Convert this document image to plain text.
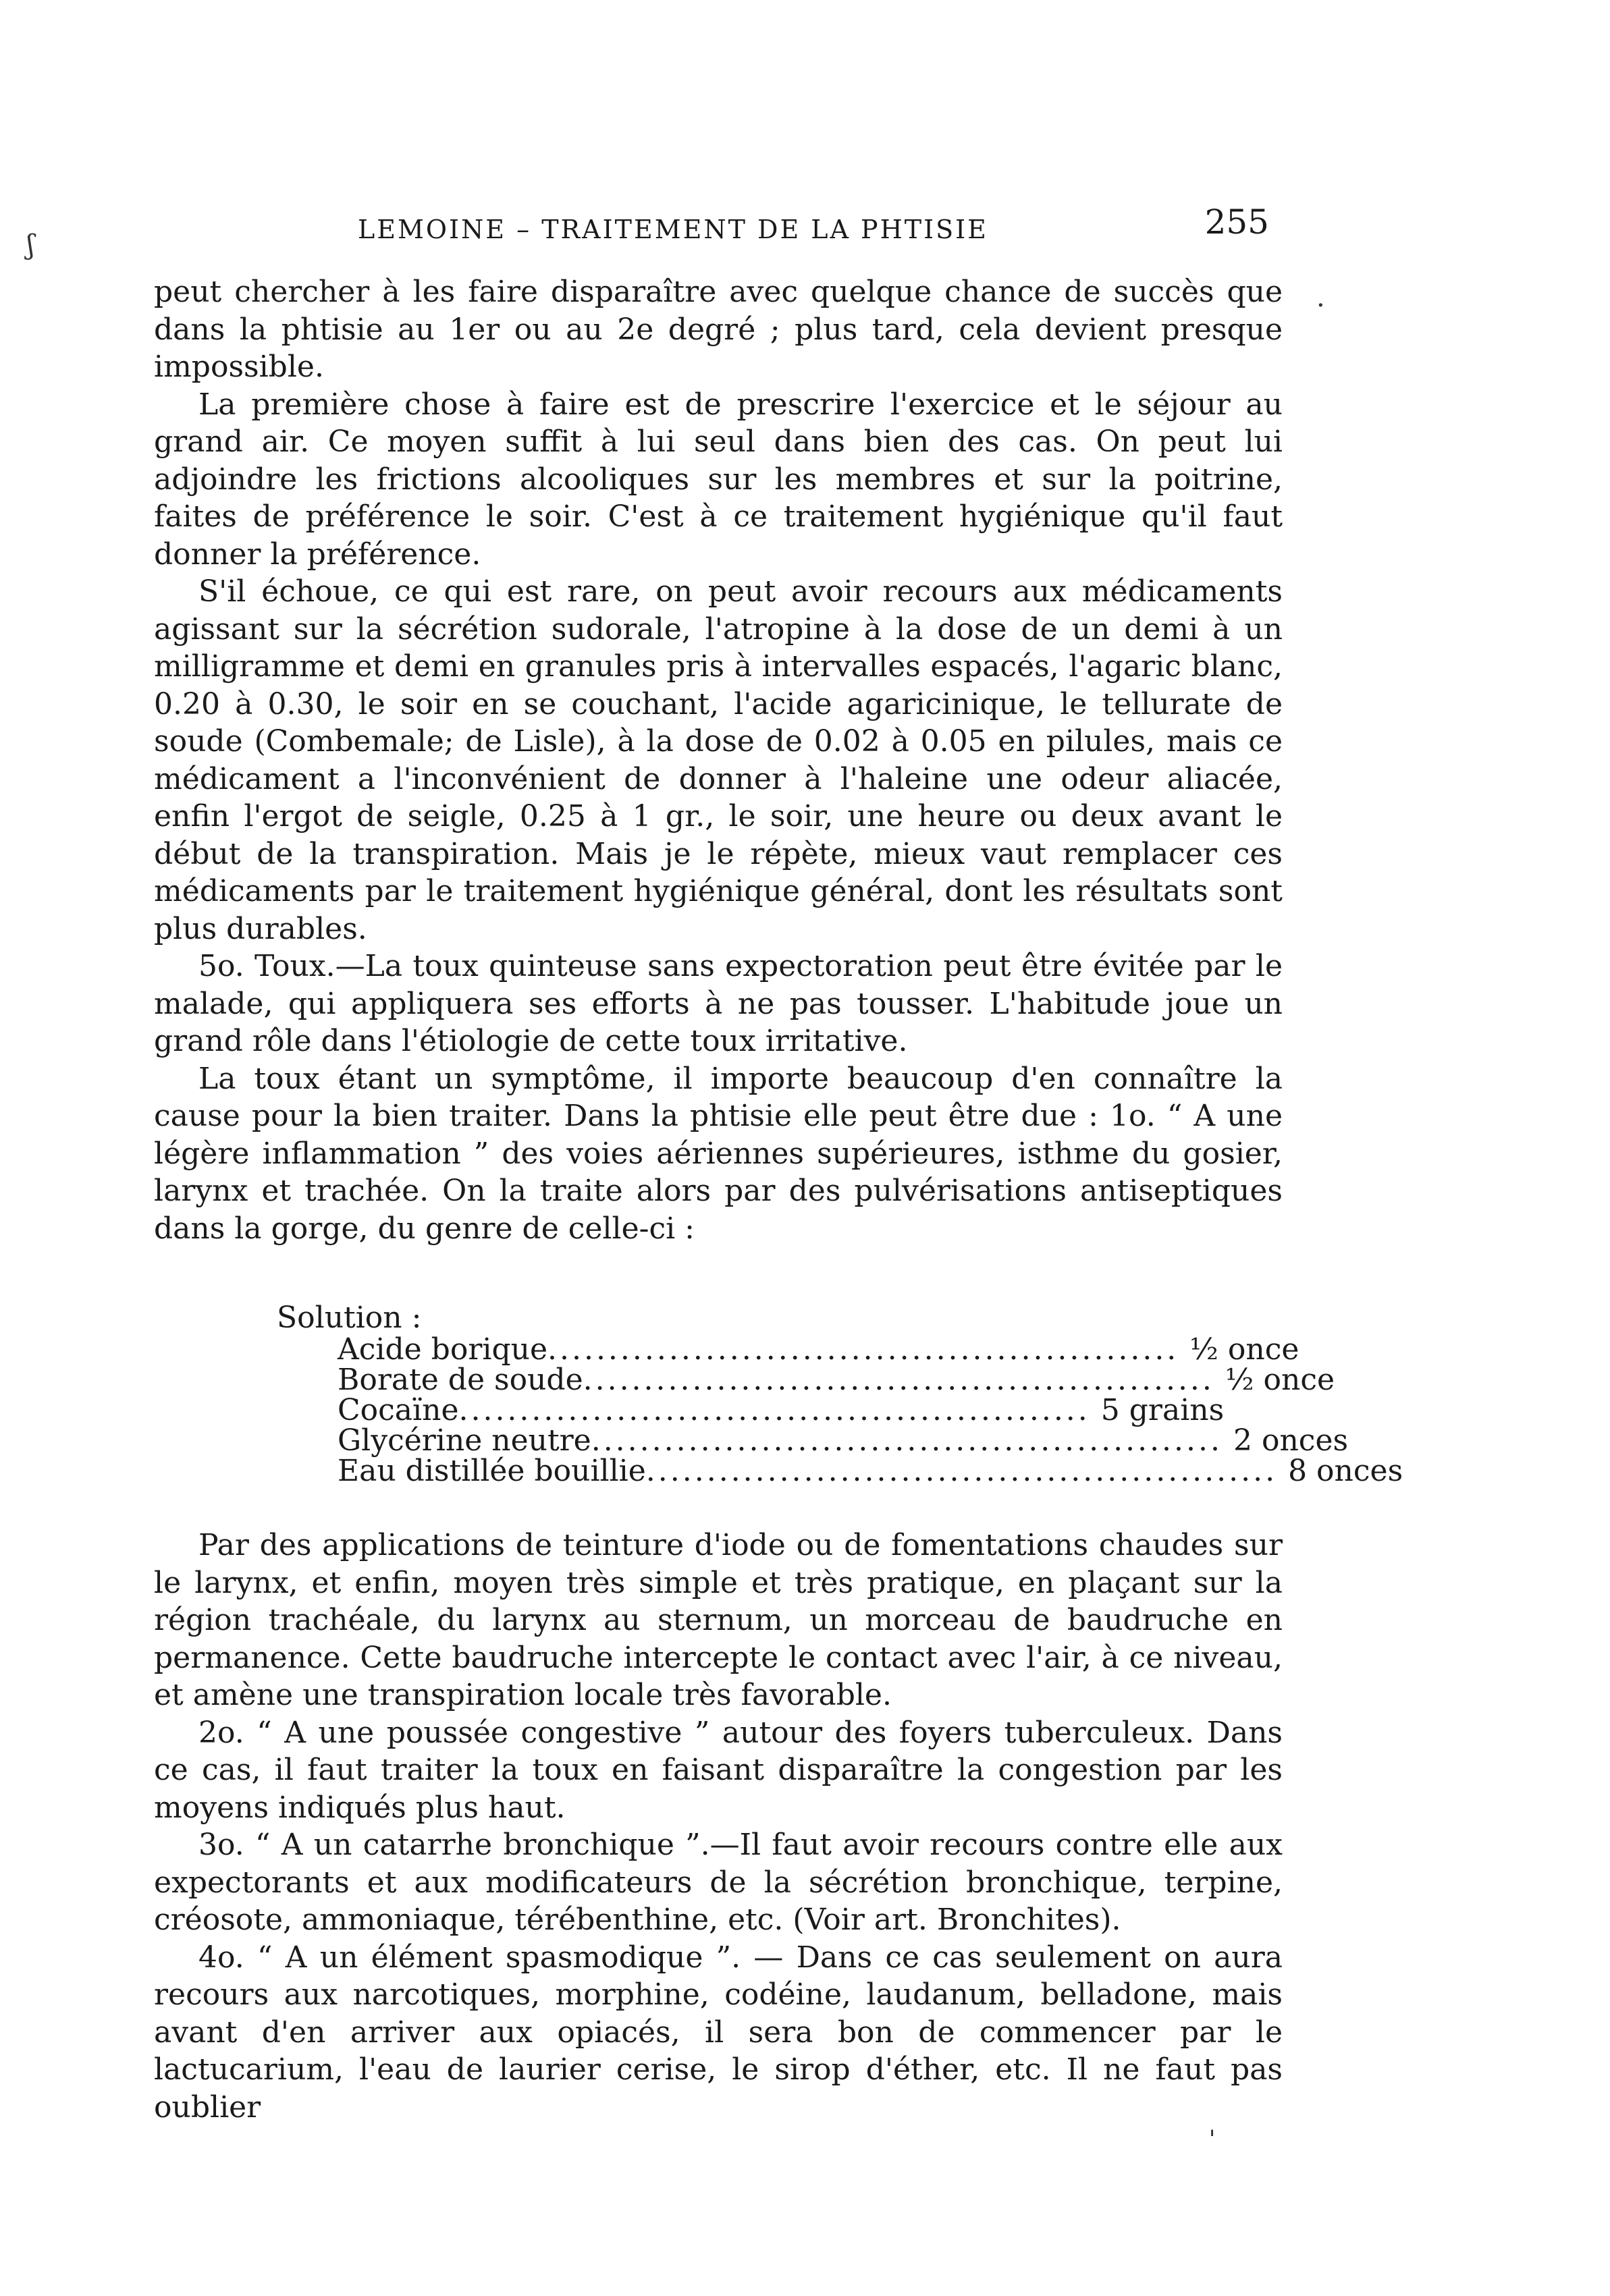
LEMOINE – TRAITEMENT DE LA PHTISIE	255

peut chercher à les faire disparaître avec quelque chance de succès que dans la phtisie au 1er ou au 2e degré ; plus tard, cela devient presque impossible.

La première chose à faire est de prescrire l'exercice et le séjour au grand air. Ce moyen suffit à lui seul dans bien des cas. On peut lui adjoindre les frictions alcooliques sur les membres et sur la poitrine, faites de préférence le soir. C'est à ce traitement hygiénique qu'il faut donner la préférence.

S'il échoue, ce qui est rare, on peut avoir recours aux médicaments agissant sur la sécrétion sudorale, l'atropine à la dose de un demi à un milligramme et demi en granules pris à intervalles espacés, l'agaric blanc, 0.20 à 0.30, le soir en se couchant, l'acide agaricinique, le tellurate de soude (Combemale; de Lisle), à la dose de 0.02 à 0.05 en pilules, mais ce médicament a l'inconvénient de donner à l'haleine une odeur aliacée, enfin l'ergot de seigle, 0.25 à 1 gr., le soir, une heure ou deux avant le début de la transpiration. Mais je le répète, mieux vaut remplacer ces médicaments par le traitement hygiénique général, dont les résultats sont plus durables.

5o. Toux.—La toux quinteuse sans expectoration peut être évitée par le malade, qui appliquera ses efforts à ne pas tousser. L'habitude joue un grand rôle dans l'étiologie de cette toux irritative.

La toux étant un symptôme, il importe beaucoup d'en connaître la cause pour la bien traiter. Dans la phtisie elle peut être due : 1o. “ A une légère inflammation ” des voies aériennes supérieures, isthme du gosier, larynx et trachée. On la traite alors par des pulvérisations antiseptiques dans la gorge, du genre de celle-ci :

Solution :
Acide borique .................................................... ½ once
Borate de soude .................................................... ½ once
Cocaïne .................................................... 5 grains
Glycérine neutre .................................................... 2 onces
Eau distillée bouillie .................................................... 8 onces

Par des applications de teinture d'iode ou de fomentations chaudes sur le larynx, et enfin, moyen très simple et très pratique, en plaçant sur la région trachéale, du larynx au sternum, un morceau de baudruche en permanence. Cette baudruche intercepte le contact avec l'air, à ce niveau, et amène une transpiration locale très favorable.

2o. “ A une poussée congestive ” autour des foyers tuberculeux. Dans ce cas, il faut traiter la toux en faisant disparaître la congestion par les moyens indiqués plus haut.

3o. “ A un catarrhe bronchique ”.—Il faut avoir recours contre elle aux expectorants et aux modificateurs de la sécrétion bronchique, terpine, créosote, ammoniaque, térébenthine, etc. (Voir art. Bronchites).

4o. “ A un élément spasmodique ”. — Dans ce cas seulement on aura recours aux narcotiques, morphine, codéine, laudanum, belladone, mais avant d'en arriver aux opiacés, il sera bon de commencer par le lactucarium, l'eau de laurier cerise, le sirop d'éther, etc. Il ne faut pas oublier

ʃ
·
ˈ
